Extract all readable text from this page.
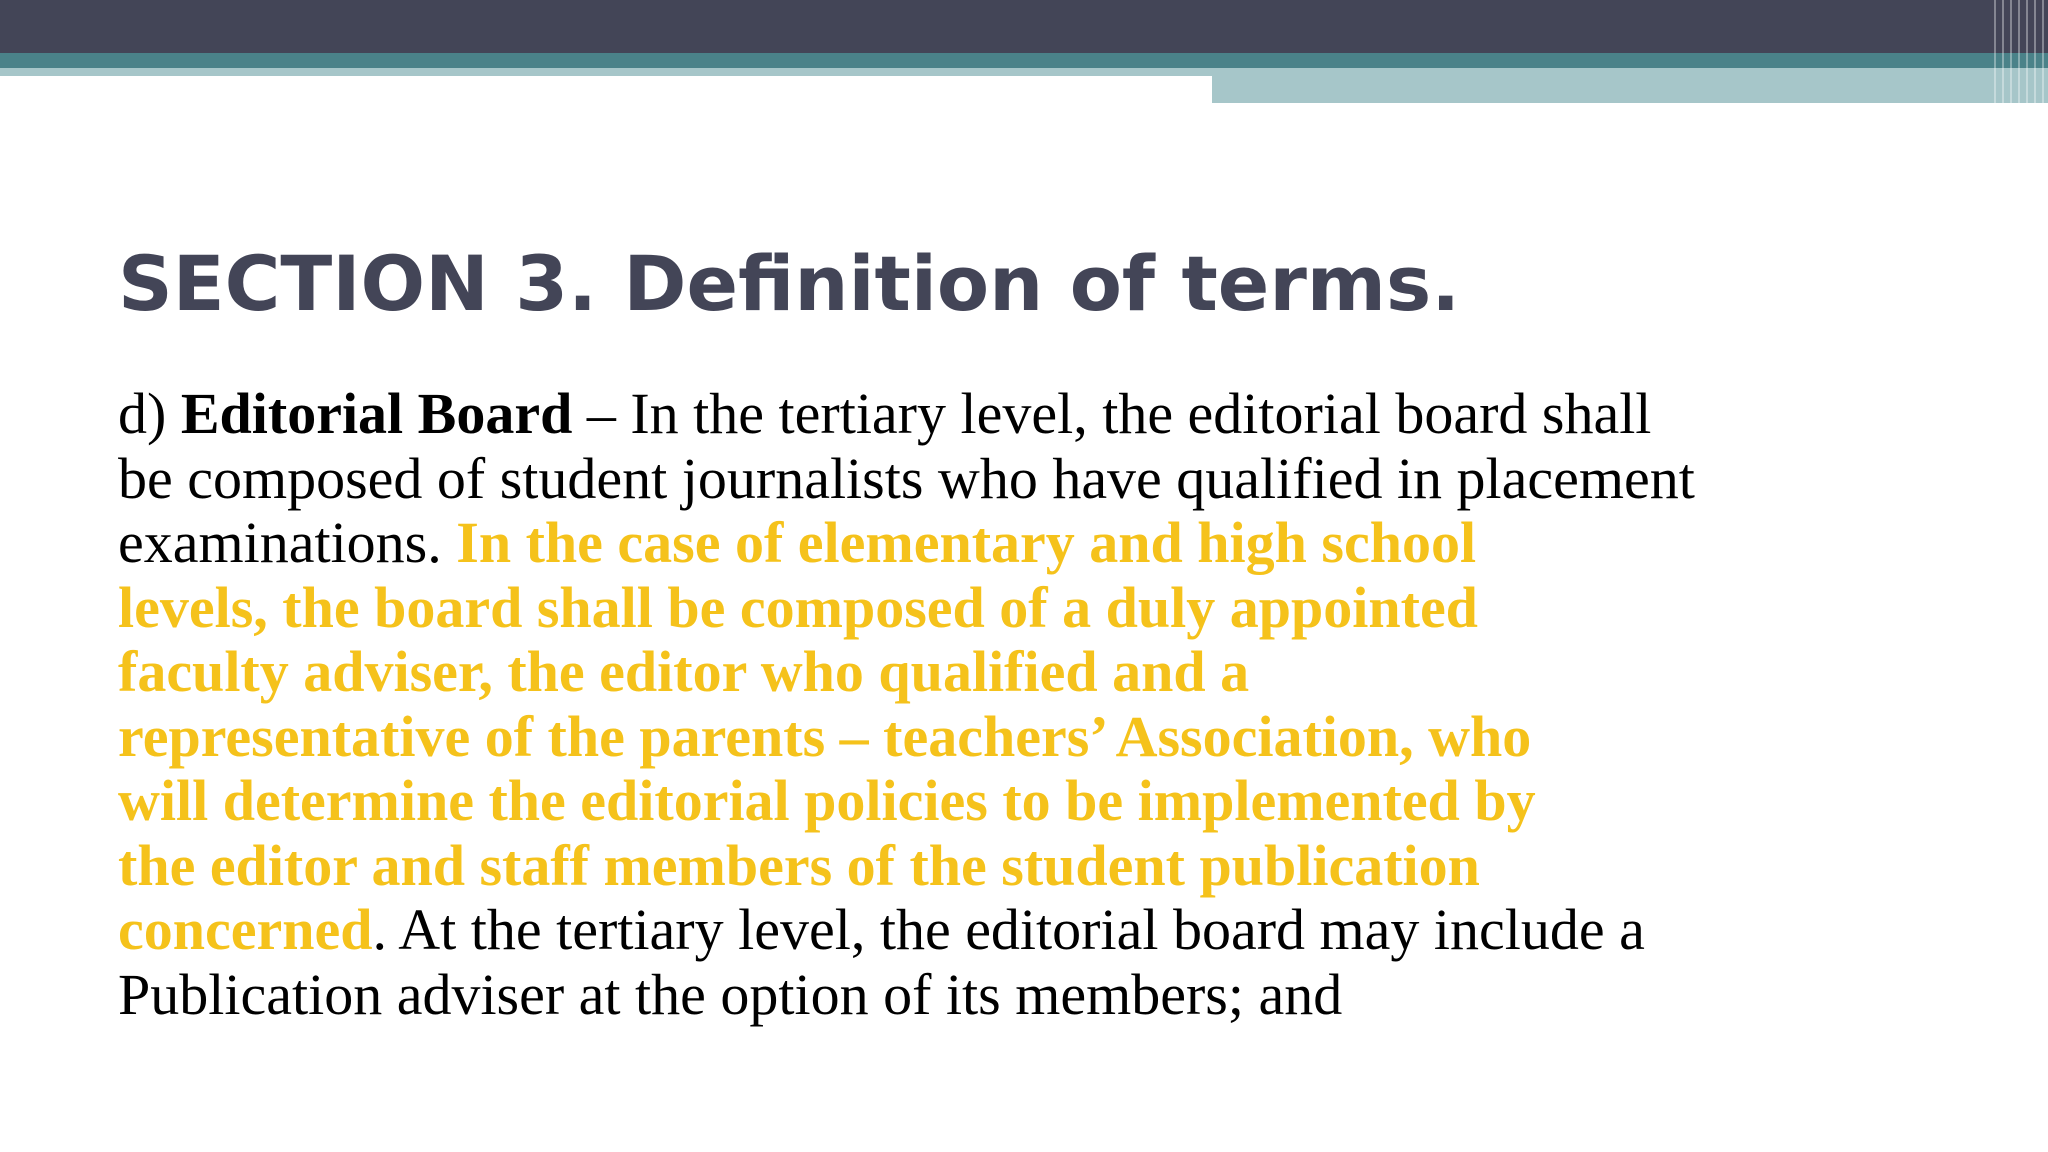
SECTION 3. Definition of terms.
d) Editorial Board – In the tertiary level, the editorial board shall
be composed of student journalists who have qualified in placement
examinations. In the case of elementary and high school
levels, the board shall be composed of a duly appointed
faculty adviser, the editor who qualified and a
representative of the parents – teachers’ Association, who
will determine the editorial policies to be implemented by
the editor and staff members of the student publication
concerned. At the tertiary level, the editorial board may include a
Publication adviser at the option of its members; and
